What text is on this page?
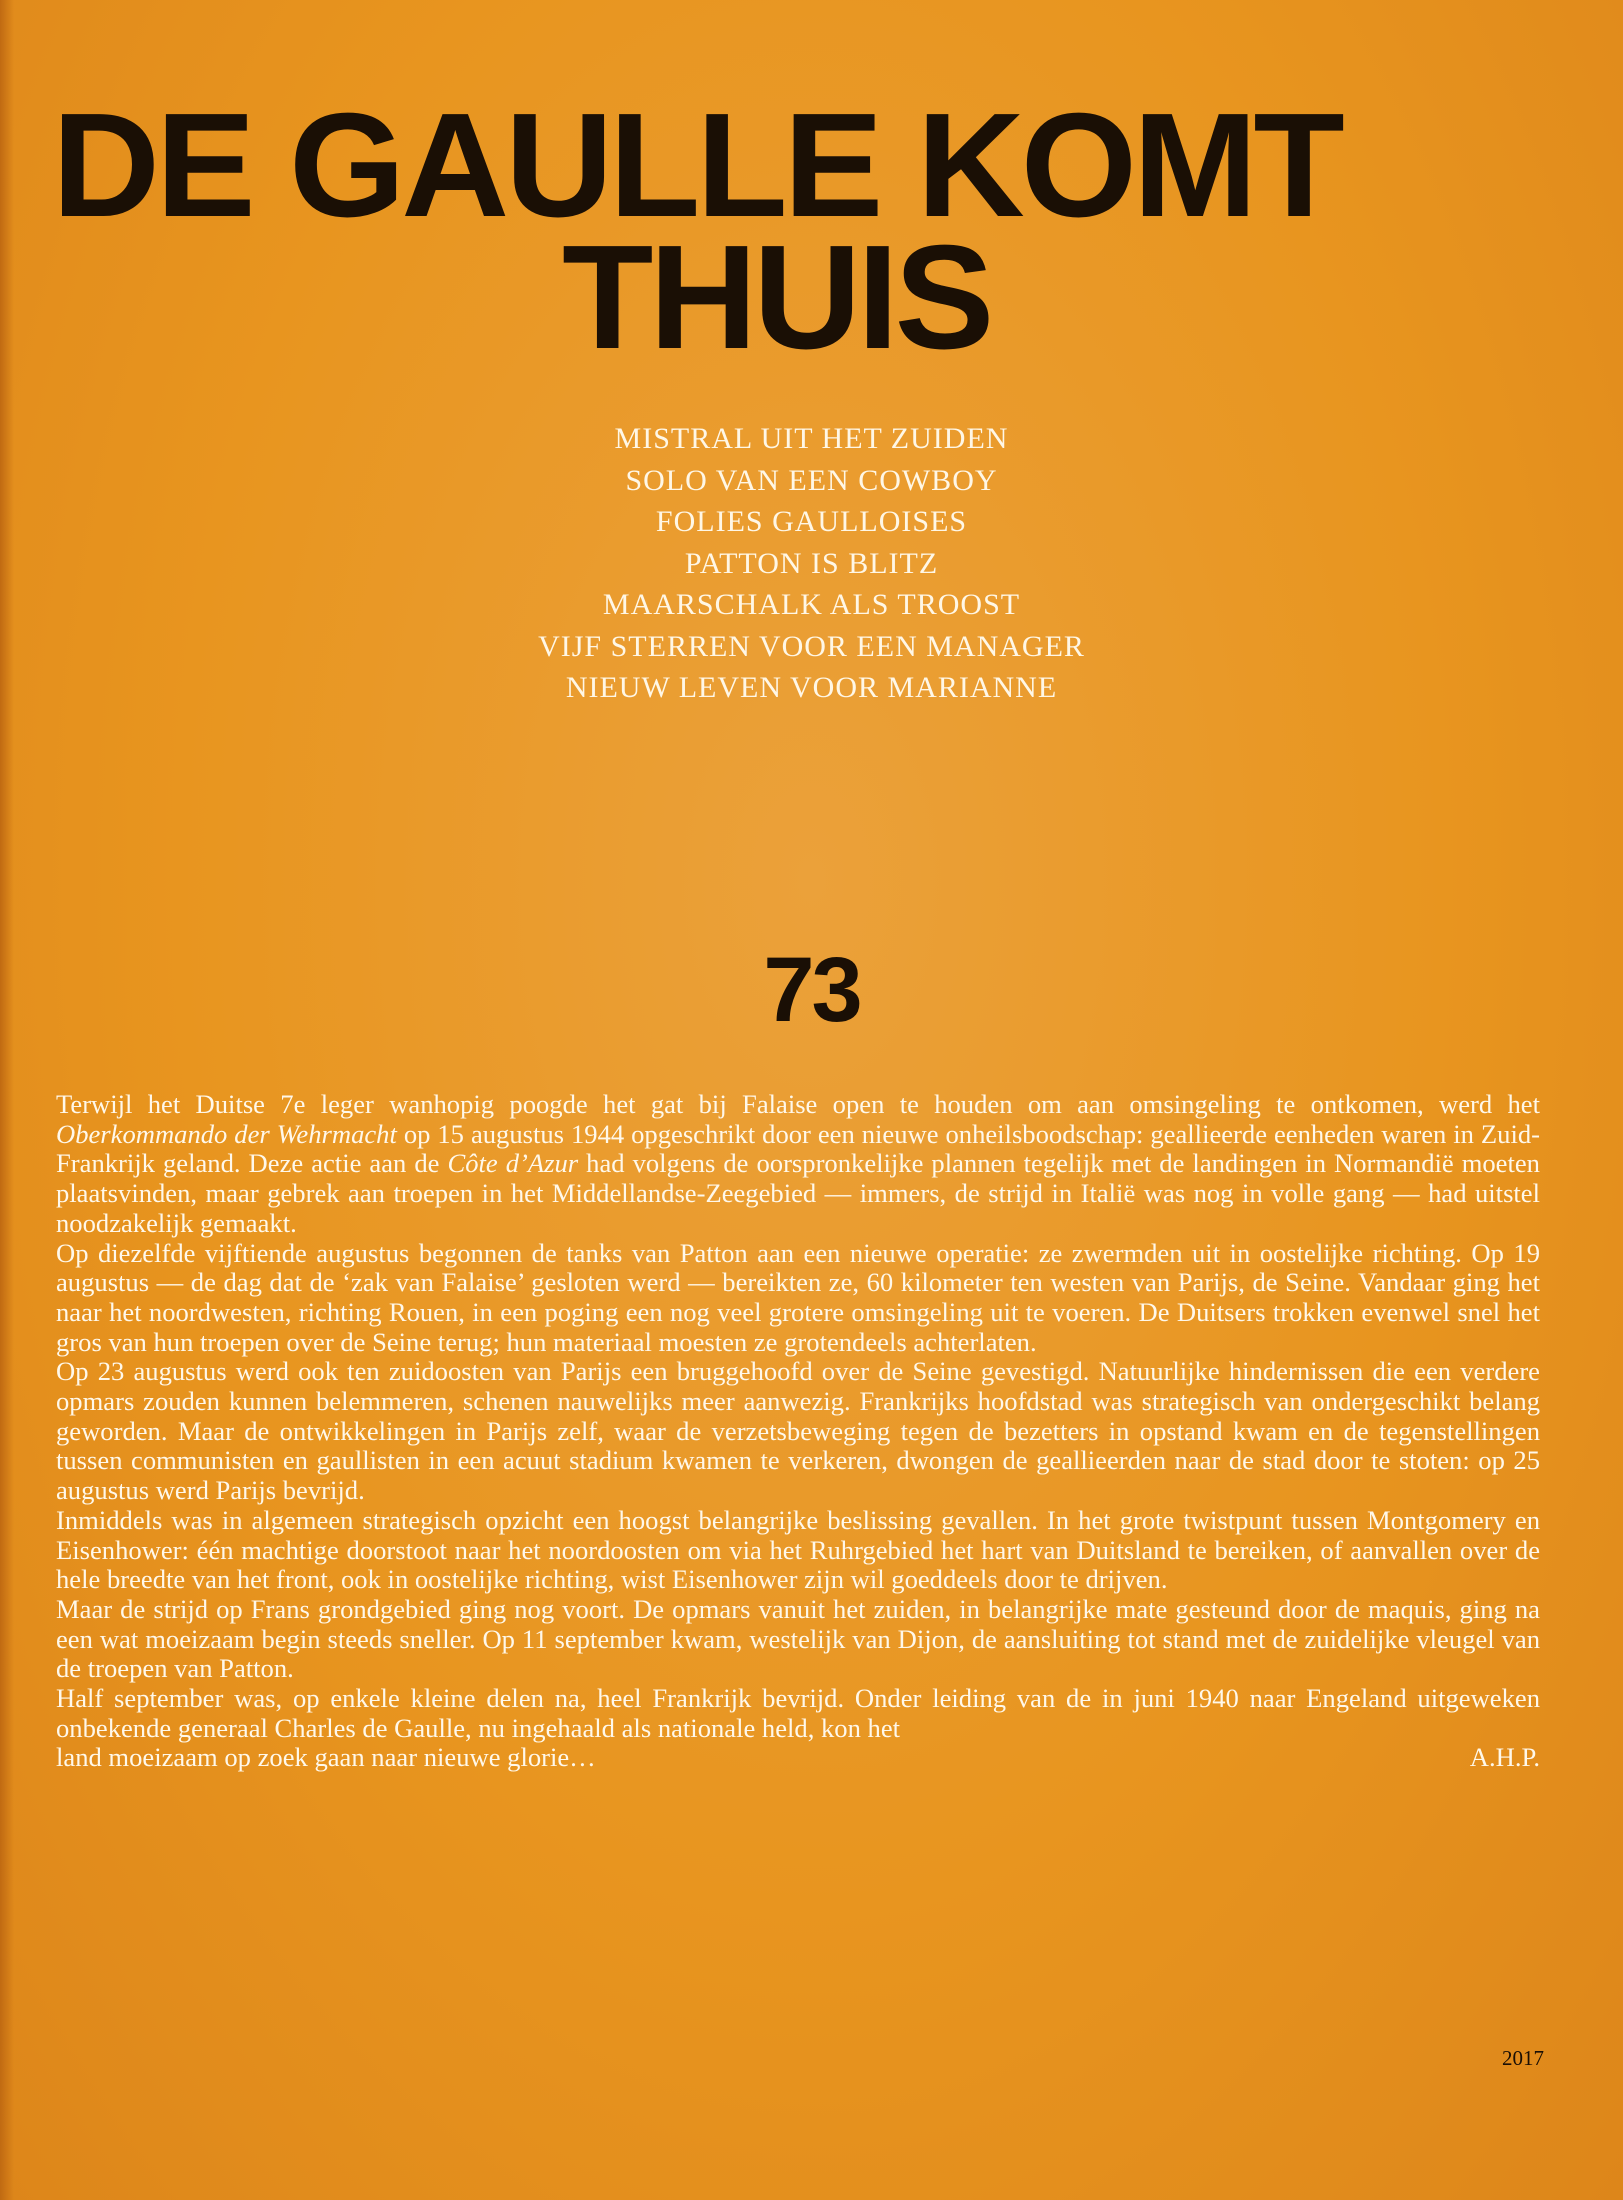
DE GAULLE KOMT
THUIS
MISTRAL UIT HET ZUIDEN
SOLO VAN EEN COWBOY
FOLIES GAULLOISES
PATTON IS BLITZ
MAARSCHALK ALS TROOST
VIJF STERREN VOOR EEN MANAGER
NIEUW LEVEN VOOR MARIANNE
73

Terwijl het Duitse 7e leger wanhopig poogde het gat bij Falaise open te houden om aan omsingeling te ontkomen, werd het Oberkommando der Wehrmacht op 15 augustus 1944 opgeschrikt door een nieuwe onheilsboodschap: geallieerde eenheden waren in Zuid-Frankrijk geland. Deze actie aan de Côte d’Azur had volgens de oorspronkelijke plannen tegelijk met de landingen in Normandië moeten plaatsvinden, maar gebrek aan troepen in het Middellandse-Zeegebied — immers, de strijd in Italië was nog in volle gang — had uitstel noodzakelijk gemaakt.

Op diezelfde vijftiende augustus begonnen de tanks van Patton aan een nieuwe operatie: ze zwermden uit in oostelijke richting. Op 19 augustus — de dag dat de ‘zak van Falaise’ gesloten werd — bereikten ze, 60 kilometer ten westen van Parijs, de Seine. Vandaar ging het naar het noordwesten, richting Rouen, in een poging een nog veel grotere omsingeling uit te voeren. De Duitsers trokken evenwel snel het gros van hun troepen over de Seine terug; hun materiaal moesten ze grotendeels achterlaten.

Op 23 augustus werd ook ten zuidoosten van Parijs een bruggehoofd over de Seine gevestigd. Natuurlijke hindernissen die een verdere opmars zouden kunnen belemmeren, schenen nauwelijks meer aanwezig. Frankrijks hoofdstad was strategisch van ondergeschikt belang geworden. Maar de ontwikkelingen in Parijs zelf, waar de verzetsbeweging tegen de bezetters in opstand kwam en de tegenstellingen tussen communisten en gaullisten in een acuut stadium kwamen te verkeren, dwongen de geallieerden naar de stad door te stoten: op 25 augustus werd Parijs bevrijd.

Inmiddels was in algemeen strategisch opzicht een hoogst belangrijke beslissing gevallen. In het grote twistpunt tussen Montgomery en Eisenhower: één machtige doorstoot naar het noordoosten om via het Ruhrgebied het hart van Duitsland te bereiken, of aanvallen over de hele breedte van het front, ook in oostelijke richting, wist Eisenhower zijn wil goeddeels door te drijven.

Maar de strijd op Frans grondgebied ging nog voort. De opmars vanuit het zuiden, in belangrijke mate gesteund door de maquis, ging na een wat moeizaam begin steeds sneller. Op 11 september kwam, westelijk van Dijon, de aansluiting tot stand met de zuidelijke vleugel van de troepen van Patton.

Half september was, op enkele kleine delen na, heel Frankrijk bevrijd. Onder leiding van de in juni 1940 naar Engeland uitgeweken onbekende generaal Charles de Gaulle, nu ingehaald als nationale held, kon het

land moeizaam op zoek gaan naar nieuwe glorie…	A.H.P.
2017
